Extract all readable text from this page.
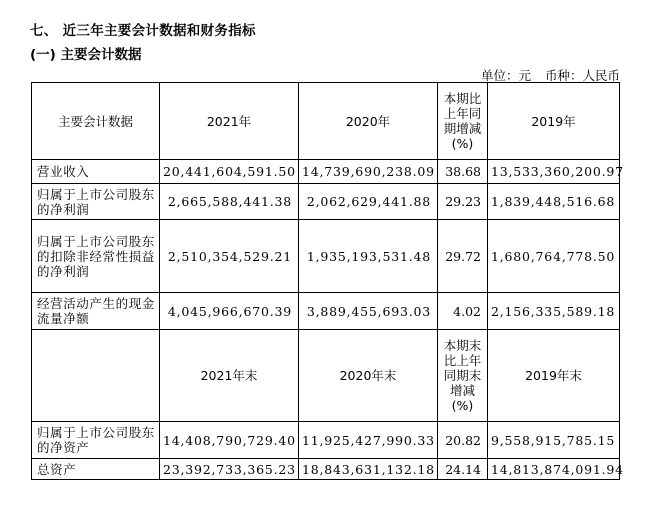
七、 近三年主要会计数据和财务指标
(一) 主要会计数据
单位：元 币种：人民币
主要会计数据	2021年	2020年	本期比上年同期增减(%)	2019年
营业收入	20,441,604,591.50	14,739,690,238.09	38.68	13,533,360,200.97
归属于上市公司股东的净利润	2,665,588,441.38	2,062,629,441.88	29.23	1,839,448,516.68
归属于上市公司股东的扣除非经常性损益的净利润	2,510,354,529.21	1,935,193,531.48	29.72	1,680,764,778.50
经营活动产生的现金流量净额	4,045,966,670.39	3,889,455,693.03	4.02	2,156,335,589.18
	2021年末	2020年末	本期末比上年同期末增减(%)	2019年末
归属于上市公司股东的净资产	14,408,790,729.40	11,925,427,990.33	20.82	9,558,915,785.15
总资产	23,392,733,365.23	18,843,631,132.18	24.14	14,813,874,091.94
